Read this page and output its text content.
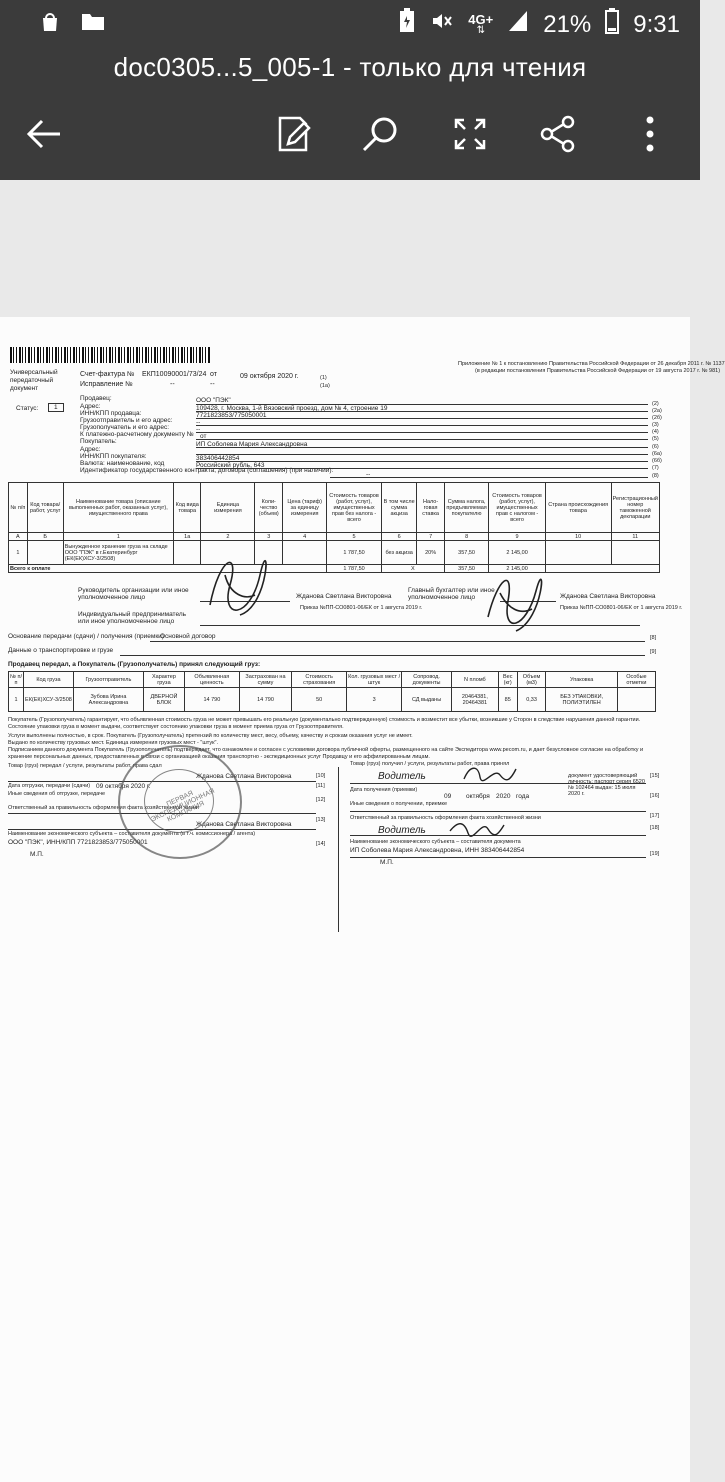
4G+
⇅ 21% 9:31
doc0305...5_005-1 - только для чтения
Приложение № 1 к постановлению Правительства Российской Федерации от 26 декабря 2011 г. № 1137
(в редакции постановления Правительства Российской Федерации от 19 августа 2017 г. № 981)
Универсальный передаточный документ
Счет-фактура № ЕКП10090001/73/24 от	09 октября 2020 г.	(1)
Исправление №	--	--	(1а)
Статус:	1
Продавец:	ООО "ПЭК"
Адрес:	109428, г. Москва, 1-й Вязовский проезд, дом № 4, строение 19
ИНН/КПП продавца:	7721823853/775050001
Грузоотправитель и его адрес:	--
Грузополучатель и его адрес:	--
К платежно-расчетному документу № от
Покупатель:	ИП Соболева Мария Александровна
Адрес:
ИНН/КПП покупателя:	383406442854
Валюта: наименование, код	Российский рубль, 643
Идентификатор государственного контракта, договора (соглашения) (при наличии):
--
(2)
(2а)
(2б)
(3)
(4)
(5)
(6)
(6а)
(6б)
(7)
(8)
№ п/п	Код товара/ работ, услуг	Наименование товара (описание выполненных работ, оказанных услуг), имущественного права	Код вида товара	Единица измерения	Коли-чество (объем)	Цена (тариф) за единицу измерения	Стоимость товаров (работ, услуг), имущественных прав без налога - всего	В том числе сумма акциза	Нало-говая ставка	Сумма налога, предъявляемая покупателю	Стоимость товаров (работ, услуг), имущественных прав с налогом - всего	Страна происхождения товара	Регистрационный номер таможенной декларации
А	Б	1	1а	2	3	4	5	6	7	8	9	10	11
1		Вынужденное хранение груза на складе ООО "ПЭК" в г.Екатеринбург (ЕК(ЕК)ХСУ-3/2508)					1 787,50	без акциза	20%	357,50	2 145,00		
Всего к оплате							1 787,50	X		357,50	2 145,00		
Руководитель организации или иное уполномоченное лицо	Жданова Светлана Викторовна
Приказ №ПП-СО0801-06/ЕК от 1 августа 2019 г.
Главный бухгалтер или иное уполномоченное лицо	Жданова Светлана Викторовна
Приказ №ПП-СО0801-06/ЕК от 1 августа 2019 г.
Индивидуальный предприниматель или иное уполномоченное лицо
Основание передачи (сдачи) / получения (приемки)
Основной договор	[8]
Данные о транспортировке и грузе	[9]
Продавец передал, а Покупатель (Грузополучатель) принял следующий груз:
№ п/п	Код груза	Грузоотправитель	Характер груза	Объявленная ценность	Застрахован на сумму	Стоимость страхования	Кол. грузовых мест / штук	Сопровод. документы	N пломб	Вес (кг)	Объем (м3)	Упаковка	Особые отметки
1	ЕК(ЕК)ХСУ-3/2508	Зубова Ирина Александровна	ДВЕРНОЙ БЛОК	14 790	14 790	50	3	СД выданы	20464381, 20464381	85	0,33	БЕЗ УПАКОВКИ, ПОЛИЭТИЛЕН	
Покупатель (Грузополучатель) гарантирует, что объявленная стоимость груза не может превышать его реальную (документально подтвержденную) стоимость и возместит все убытки, возникшие у Сторон в следствие нарушения данной гарантии. Состояние упаковки груза в момент выдачи, соответствует состоянию упаковки груза в момент приема груза от Грузоотправителя.
Услуги выполнены полностью, в срок. Покупатель (Грузополучатель) претензий по количеству мест, весу, объему, качеству и срокам оказания услуг не имеет.
Выдано по количеству грузовых мест. Единица измерения грузовых мест - "штук".
Подписанием данного документа Покупатель (Грузополучатель) подтверждает, что ознакомлен и согласен с условиями договора публичной оферты, размещенного на сайте Экспедитора www.pecom.ru, и дает безусловное согласие на обработку и хранение персональных данных, предоставленных в связи с организацией оказания транспортно - экспедиционных услуг Продавцу и его аффилированным лицам.
Товар (груз) передал / услуги, результаты работ, права сдал	Товар (груз) получил / услуги, результаты работ, права принял
Жданова Светлана Викторовна	[10]
Дата отгрузки, передачи (сдачи) 09 октября 2020 г.	[11]
Иные сведения об отгрузке, передаче
[12]
Ответственный за правильность оформления факта хозяйственной жизни
Жданова Светлана Викторовна
[13]
Наименование экономического субъекта – составителя документа (в т.ч. комиссионера / агента)
ООО "ПЭК", ИНН/КПП 7721823853/775050001	[14]
М.П.
Водитель	документ удостоверяющий личность: паспорт серия 6520 № 102464 выдан: 15 июля 2020 г.
[15]
Дата получения (приемки)
09 октября 2020 года	[16]
Иные сведения о получении, приемке
[17]
Ответственный за правильность оформления факта хозяйственной жизни
Водитель	[18]
Наименование экономического субъекта – составителя документа
ИП Соболева Мария Александровна, ИНН 383406442854	[19]
М.П.
ПЕРВАЯ ЭКСПЕДИЦИОННАЯ КОМПАНИЯ
